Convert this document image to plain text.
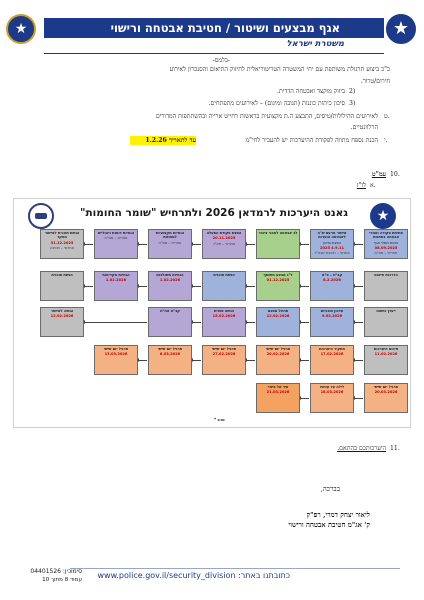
★	אגף מבצעים ושיטור / חטיבת אבטחה ורישוי	★
משטרת ישראל
-בלמס-
כ"כ ביצוע תרגולת משותפת עם יחי המשטרה הטריטוריאלית לחיזוק התיאום והסנכרון לאירוע
חירום/טרור.
2)
ביזוק מוקצד ואבטחה הדדית.
3)
סיכון כיתות כוננות (תגובה ומיגום) – לאירועים מתפתחים.
ט.
לאירועים ההילולות/טיסים, התבצע ה.ת מקצועית בראשות רחייט ארייה ובהשתתפות המדורים
הרלוונטיים.
י.
הכנת נספח מתווה לפקודת ההיערכות יש להעביר לחי"מ
עד לתאריך 1.2.26
10.
עמ"ט
א.
לז"ז
גאנט היערכות לרמדאן 2026 ולתרחיש "שומר החומות"
★
פתיחת פקודה ואמרי אבטחה בתחנות
הזאת ממלי אגף
08.09.2025
אחראי – מא"ח
אישור מרעם ש"ה לאבטחה והערות
הפצת עדכון
4.9.11 2025
אחראי – חטיבת אבט"ר
לב אבטחה למבני ציבור
הפצת פקודת הפעלה
20.11.2025
אחראי – חא"ר
הנחיות מקצועיות למחוזות
אחראי – מא"ח
הנחיות דוחות ניהוליים
אחראי – מא"ח
הגשת תוכנית לאישור מפקד
31.12.2025
אחראי – חטיבה
הדרכות תיאום
קב"ט – פ"א
8.2.2026
ל"ג מבצע משותף
01.12.2025
הגשת תוכנית
הנחיות משולבות
1.02.2026
הנחיות מקדימות
1.02.2026
הגשת תוכנית
ייעוץ בשטח
עדכון תוכניות
9.02.2026
תרגול מסכם
12.02.2026
הגשה סופית
15.02.2026
קב"ט אח"ח
הגשה לאישור
12.02.2026
סיכום היערכות
11.02.2026
תחקיר היערכות
17.02.2026
תרגיל יום שישי
20.02.2026
תרגיל יום שישי
27.02.2026
תרגיל יום שישי
6.03.2026
תרגיל יום שישי
13.03.2026
תרגיל יום שישי
20.03.2026
לילה עד עכשיו
18.03.2026
עיד אל פיטר
21.03.2026
* סווג
11.
היערכותכם בהתאם.
בברכה,
ליאור יצחק דמרי, רפ"ק
ק' אג"מ חטיבת אבטחה ורישוי
כתובתנו באתר: www.police.gov.il/security_division
סימוכין: 04401526
עמוד 8 מתוך 10
